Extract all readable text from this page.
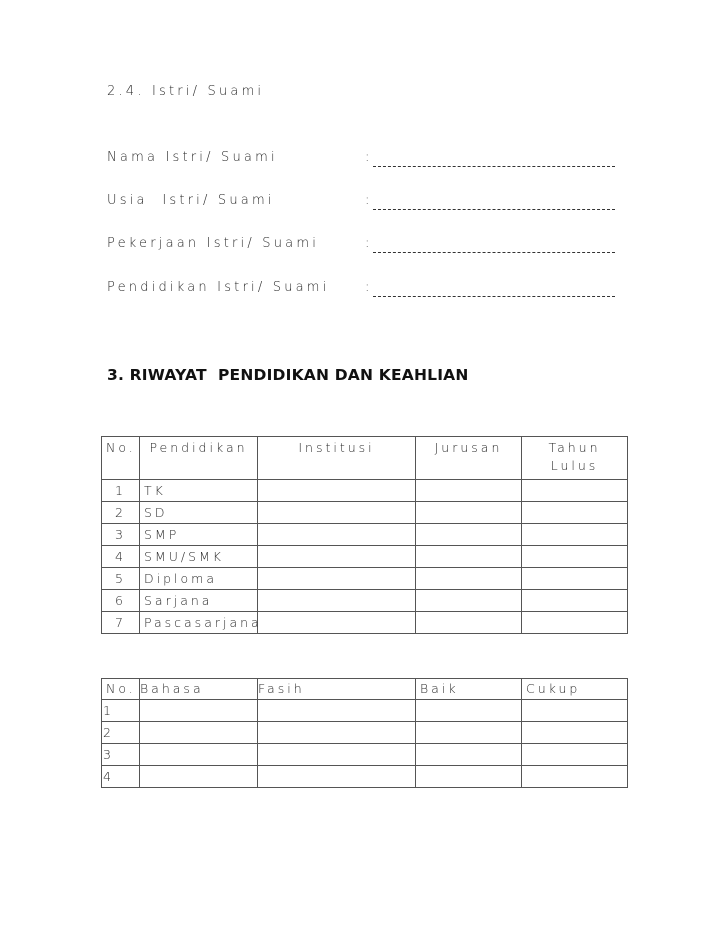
2.4. Istri/ Suami
Nama Istri/ Suami	:
Usia  Istri/ Suami	:
Pekerjaan Istri/ Suami	:
Pendidikan Istri/ Suami	:
3. RIWAYAT  PENDIDIKAN DAN KEAHLIAN
No.	Pendidikan	Institusi	Jurusan	Tahun
Lulus
1	TK			
2	SD			
3	SMP			
4	SMU/SMK			
5	Diploma			
6	Sarjana			
7	Pascasarjana			
No.	Bahasa	Fasih	Baik	Cukup
1				
2				
3				
4				
